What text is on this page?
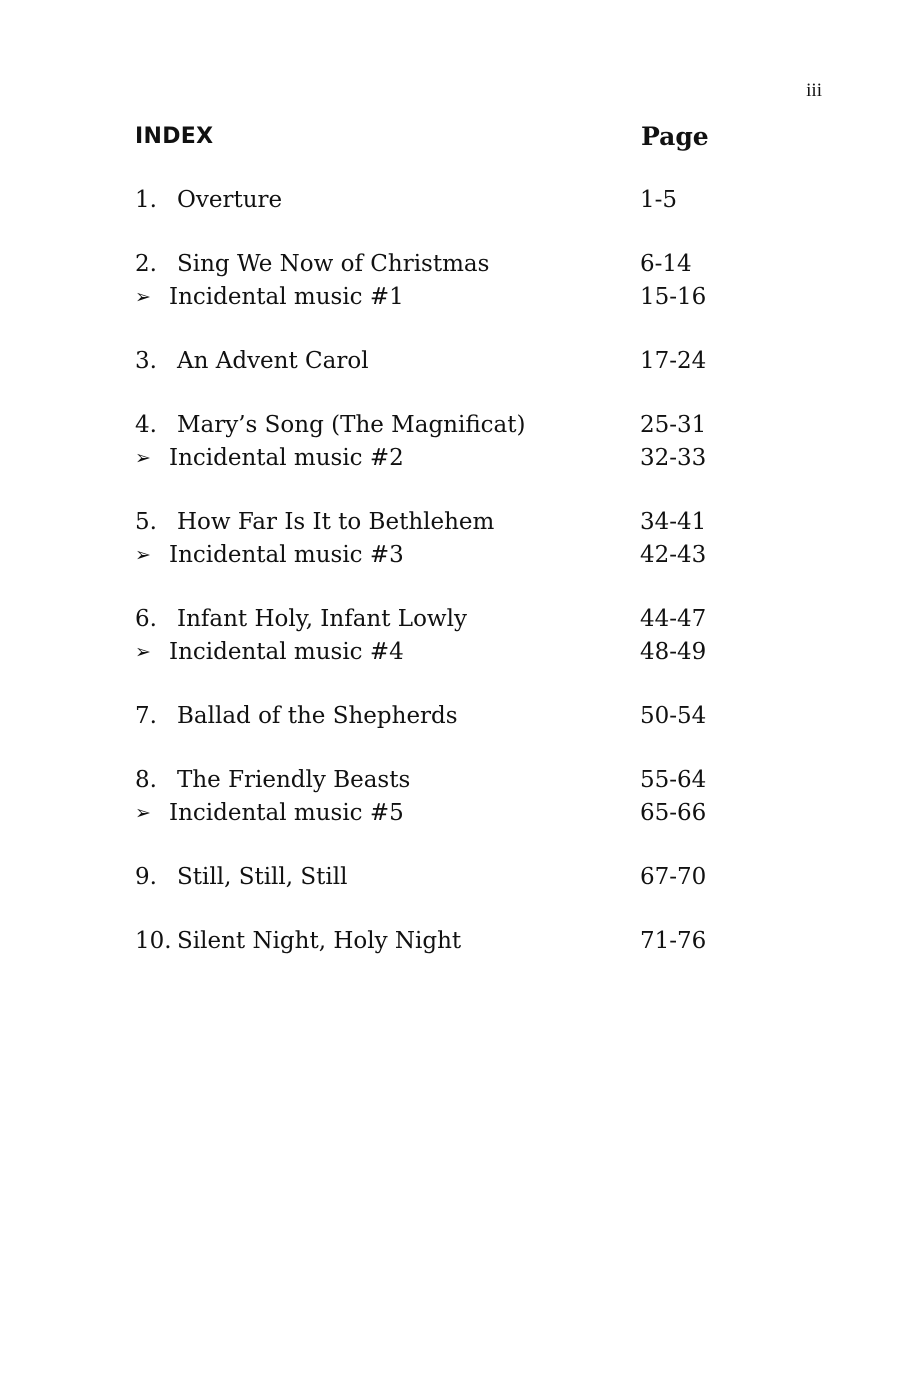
iii
INDEX	Page
1. Overture	1-5
2. Sing We Now of Christmas	6-14
➢ Incidental music #1	15-16
3. An Advent Carol	17-24
4. Mary’s Song (The Magnificat)	25-31
➢ Incidental music #2	32-33
5. How Far Is It to Bethlehem	34-41
➢ Incidental music #3	42-43
6. Infant Holy, Infant Lowly	44-47
➢ Incidental music #4	48-49
7. Ballad of the Shepherds	50-54
8. The Friendly Beasts	55-64
➢ Incidental music #5	65-66
9. Still, Still, Still	67-70
10. Silent Night, Holy Night	71-76
